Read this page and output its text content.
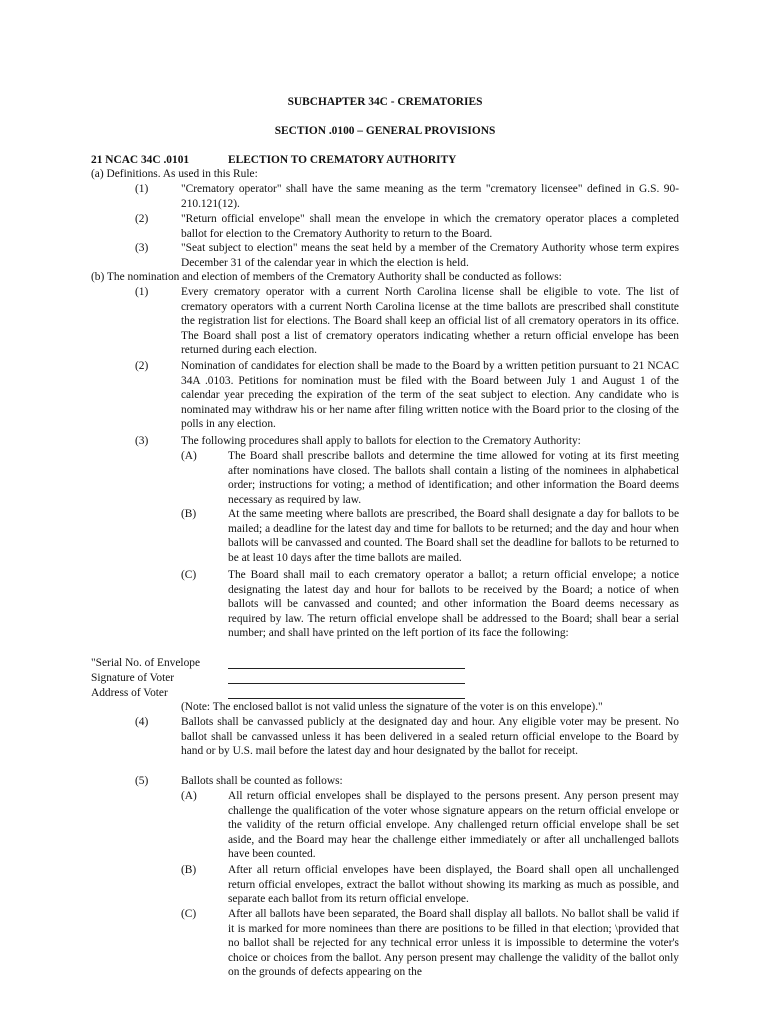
SUBCHAPTER 34C - CREMATORIES
SECTION .0100 – GENERAL PROVISIONS
21 NCAC 34C .0101	ELECTION TO CREMATORY AUTHORITY
(a) Definitions. As used in this Rule:
(1)	"Crematory operator" shall have the same meaning as the term "crematory licensee" defined in G.S. 90-210.121(12).
(2)	"Return official envelope" shall mean the envelope in which the crematory operator places a completed ballot for election to the Crematory Authority to return to the Board.
(3)	"Seat subject to election" means the seat held by a member of the Crematory Authority whose term expires December 31 of the calendar year in which the election is held.
(b) The nomination and election of members of the Crematory Authority shall be conducted as follows:
(1)	Every crematory operator with a current North Carolina license shall be eligible to vote. The list of crematory operators with a current North Carolina license at the time ballots are prescribed shall constitute the registration list for elections. The Board shall keep an official list of all crematory operators in its office. The Board shall post a list of crematory operators indicating whether a return official envelope has been returned during each election.
(2)	Nomination of candidates for election shall be made to the Board by a written petition pursuant to 21 NCAC 34A .0103. Petitions for nomination must be filed with the Board between July 1 and August 1 of the calendar year preceding the expiration of the term of the seat subject to election. Any candidate who is nominated may withdraw his or her name after filing written notice with the Board prior to the closing of the polls in any election.
(3)	The following procedures shall apply to ballots for election to the Crematory Authority:
(A)	The Board shall prescribe ballots and determine the time allowed for voting at its first meeting after nominations have closed. The ballots shall contain a listing of the nominees in alphabetical order; instructions for voting; a method of identification; and other information the Board deems necessary as required by law.
(B)	At the same meeting where ballots are prescribed, the Board shall designate a day for ballots to be mailed; a deadline for the latest day and time for ballots to be returned; and the day and hour when ballots will be canvassed and counted. The Board shall set the deadline for ballots to be returned to be at least 10 days after the time ballots are mailed.
(C)	The Board shall mail to each crematory operator a ballot; a return official envelope; a notice designating the latest day and hour for ballots to be received by the Board; a notice of when ballots will be canvassed and counted; and other information the Board deems necessary as required by law. The return official envelope shall be addressed to the Board; shall bear a serial number; and shall have printed on the left portion of its face the following:
"Serial No. of Envelope
Signature of Voter
Address of Voter
(Note: The enclosed ballot is not valid unless the signature of the voter is on this envelope)."
(4)	Ballots shall be canvassed publicly at the designated day and hour. Any eligible voter may be present. No ballot shall be canvassed unless it has been delivered in a sealed return official envelope to the Board by hand or by U.S. mail before the latest day and hour designated by the ballot for receipt.
(5)	Ballots shall be counted as follows:
(A)	All return official envelopes shall be displayed to the persons present. Any person present may challenge the qualification of the voter whose signature appears on the return official envelope or the validity of the return official envelope. Any challenged return official envelope shall be set aside, and the Board may hear the challenge either immediately or after all unchallenged ballots have been counted.
(B)	After all return official envelopes have been displayed, the Board shall open all unchallenged return official envelopes, extract the ballot without showing its marking as much as possible, and separate each ballot from its return official envelope.
(C)	After all ballots have been separated, the Board shall display all ballots. No ballot shall be valid if it is marked for more nominees than there are positions to be filled in that election; \provided that no ballot shall be rejected for any technical error unless it is impossible to determine the voter's choice or choices from the ballot. Any person present may challenge the validity of the ballot only on the grounds of defects appearing on the
